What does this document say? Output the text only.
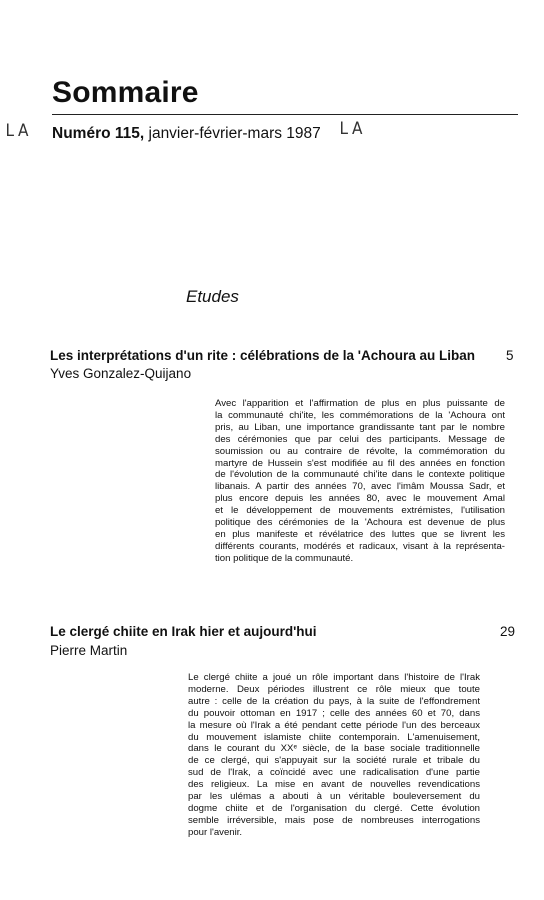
Sommaire
LA Numéro 115, janvier-février-mars 1987 LA
Etudes
Les interprétations d'un rite : célébrations de la 'Achoura au Liban 5
Yves Gonzalez-Quijano
Avec l'apparition et l'affirmation de plus en plus puissante de
la communauté chi'ite, les commémorations de la 'Achoura ont
pris, au Liban, une importance grandissante tant par le nombre
des cérémonies que par celui des participants. Message de
soumission ou au contraire de révolte, la commémoration du
martyre de Hussein s'est modifiée au fil des années en fonction
de l'évolution de la communauté chi'ite dans le contexte politique
libanais. A partir des années 70, avec l'imâm Moussa Sadr, et
plus encore depuis les années 80, avec le mouvement Amal
et le développement de mouvements extrémistes, l'utilisation
politique des cérémonies de la 'Achoura est devenue de plus
en plus manifeste et révélatrice des luttes que se livrent les
différents courants, modérés et radicaux, visant à la représenta-
tion politique de la communauté.
Le clergé chiite en Irak hier et aujourd'hui	29
Pierre Martin
Le clergé chiite a joué un rôle important dans l'histoire de l'Irak
moderne. Deux périodes illustrent ce rôle mieux que toute
autre : celle de la création du pays, à la suite de l'effondrement
du pouvoir ottoman en 1917 ; celle des années 60 et 70, dans
la mesure où l'Irak a été pendant cette période l'un des berceaux
du mouvement islamiste chiite contemporain. L'amenuisement,
dans le courant du XXᵉ siècle, de la base sociale traditionnelle
de ce clergé, qui s'appuyait sur la société rurale et tribale du
sud de l'Irak, a coïncidé avec une radicalisation d'une partie
des religieux. La mise en avant de nouvelles revendications
par les ulémas a abouti à un véritable bouleversement du
dogme chiite et de l'organisation du clergé. Cette évolution
semble irréversible, mais pose de nombreuses interrogations
pour l'avenir.
